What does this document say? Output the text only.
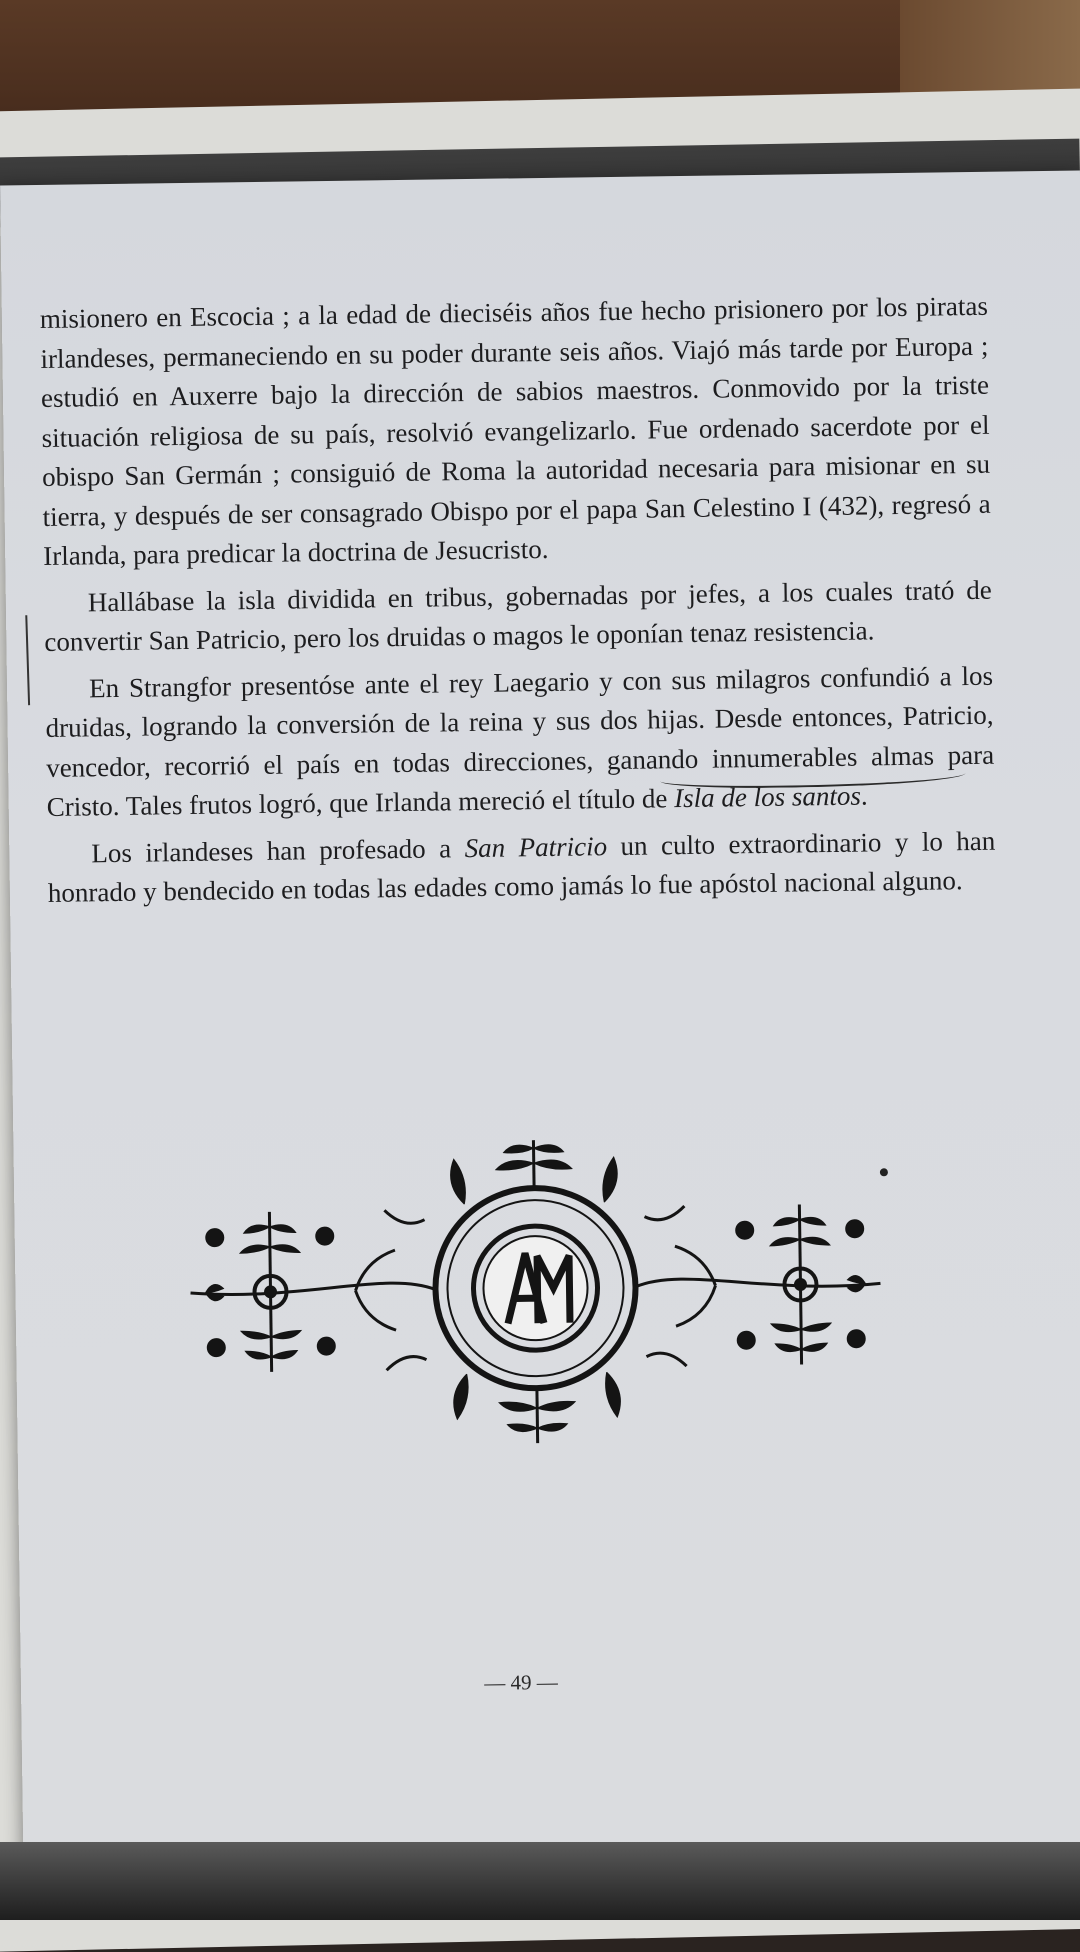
misionero en Escocia ; a la edad de dieciséis años fue hecho prisionero por los piratas irlandeses, permaneciendo en su poder durante seis años. Viajó más tarde por Europa ; estudió en Auxerre bajo la dirección de sabios maestros. Conmovido por la triste situación religiosa de su país, resolvió evangelizarlo. Fue ordenado sacerdote por el obispo San Germán ; consiguió de Roma la autoridad necesaria para misionar en su tierra, y después de ser consagrado Obispo por el papa San Celestino I (432), regresó a Irlanda, para predicar la doctrina de Jesucristo.

Hallábase la isla dividida en tribus, gobernadas por jefes, a los cuales trató de convertir San Patricio, pero los druidas o magos le oponían tenaz resistencia.

En Strangfor presentóse ante el rey Laegario y con sus milagros confundió a los druidas, logrando la conversión de la reina y sus dos hijas. Desde entonces, Patricio, vencedor, recorrió el país en todas direcciones, ganando innumerables almas para Cristo. Tales frutos logró, que Irlanda mereció el título de Isla de los santos.

Los irlandeses han profesado a San Patricio un culto extraordinario y lo han honrado y bendecido en todas las edades como jamás lo fue apóstol nacional alguno.

— 49 —
